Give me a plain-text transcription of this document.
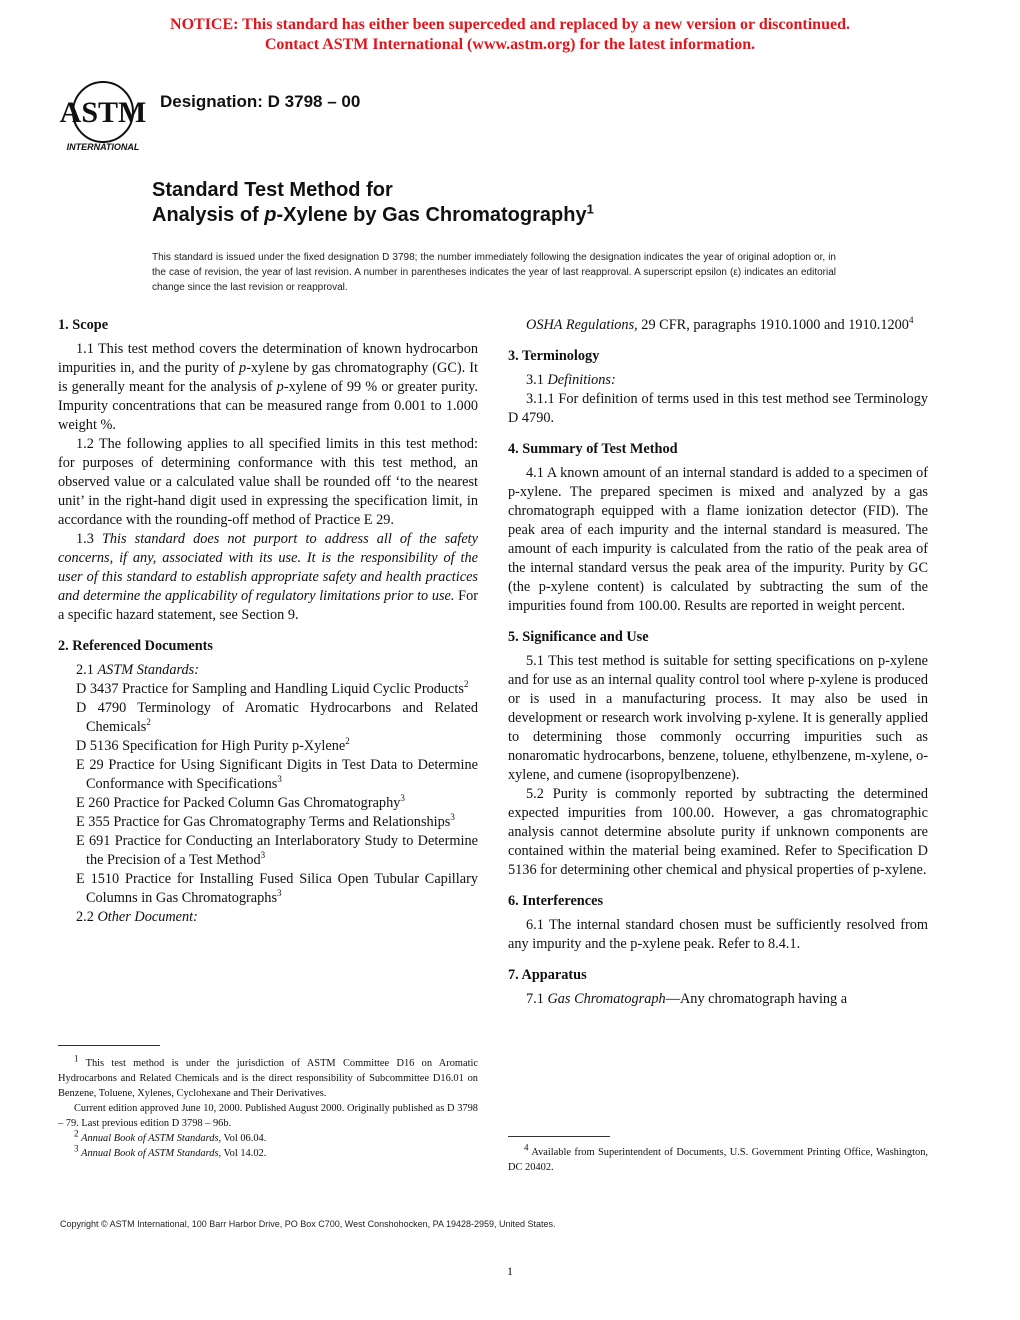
NOTICE: This standard has either been superceded and replaced by a new version or discontinued.
Contact ASTM International (www.astm.org) for the latest information.
ASTM
INTERNATIONAL
Designation: D 3798 – 00
Standard Test Method for
Analysis of p-Xylene by Gas Chromatography$^1$
This standard is issued under the fixed designation D 3798; the number immediately following the designation indicates the year of original adoption or, in the case of revision, the year of last revision. A number in parentheses indicates the year of last reapproval. A superscript epsilon (ε) indicates an editorial change since the last revision or reapproval.
1. Scope

1.1 This test method covers the determination of known hydrocarbon impurities in, and the purity of p-xylene by gas chromatography (GC). It is generally meant for the analysis of p-xylene of 99 % or greater purity. Impurity concentrations that can be measured range from 0.001 to 1.000 weight %.

1.2 The following applies to all specified limits in this test method: for purposes of determining conformance with this test method, an observed value or a calculated value shall be rounded off ‘to the nearest unit’ in the right-hand digit used in expressing the specification limit, in accordance with the rounding-off method of Practice E 29.

1.3 This standard does not purport to address all of the safety concerns, if any, associated with its use. It is the responsibility of the user of this standard to establish appropriate safety and health practices and determine the applicability of regulatory limitations prior to use. For a specific hazard statement, see Section 9.

2. Referenced Documents

2.1 ASTM Standards:

D 3437 Practice for Sampling and Handling Liquid Cyclic Products$^2$

D 4790 Terminology of Aromatic Hydrocarbons and Related Chemicals$^2$

D 5136 Specification for High Purity p-Xylene$^2$

E 29 Practice for Using Significant Digits in Test Data to Determine Conformance with Specifications$^3$

E 260 Practice for Packed Column Gas Chromatography$^3$

E 355 Practice for Gas Chromatography Terms and Relationships$^3$

E 691 Practice for Conducting an Interlaboratory Study to Determine the Precision of a Test Method$^3$

E 1510 Practice for Installing Fused Silica Open Tubular Capillary Columns in Gas Chromatographs$^3$

2.2 Other Document:

$^1$ This test method is under the jurisdiction of ASTM Committee D16 on Aromatic Hydrocarbons and Related Chemicals and is the direct responsibility of Subcommittee D16.01 on Benzene, Toluene, Xylenes, Cyclohexane and Their Derivatives.

Current edition approved June 10, 2000. Published August 2000. Originally published as D 3798 – 79. Last previous edition D 3798 – 96b.

$^2$ Annual Book of ASTM Standards, Vol 06.04.

$^3$ Annual Book of ASTM Standards, Vol 14.02.

OSHA Regulations, 29 CFR, paragraphs 1910.1000 and 1910.1200$^4$

3. Terminology

3.1 Definitions:

3.1.1 For definition of terms used in this test method see Terminology D 4790.

4. Summary of Test Method

4.1 A known amount of an internal standard is added to a specimen of p-xylene. The prepared specimen is mixed and analyzed by a gas chromatograph equipped with a flame ionization detector (FID). The peak area of each impurity and the internal standard is measured. The amount of each impurity is calculated from the ratio of the peak area of the internal standard versus the peak area of the impurity. Purity by GC (the p-xylene content) is calculated by subtracting the sum of the impurities found from 100.00. Results are reported in weight percent.

5. Significance and Use

5.1 This test method is suitable for setting specifications on p-xylene and for use as an internal quality control tool where p-xylene is produced or is used in a manufacturing process. It may also be used in development or research work involving p-xylene. It is generally applied to determining those commonly occurring impurities such as nonaromatic hydrocarbons, benzene, toluene, ethylbenzene, m-xylene, o-xylene, and cumene (isopropylbenzene).

5.2 Purity is commonly reported by subtracting the determined expected impurities from 100.00. However, a gas chromatographic analysis cannot determine absolute purity if unknown components are contained within the material being examined. Refer to Specification D 5136 for determining other chemical and physical properties of p-xylene.

6. Interferences

6.1 The internal standard chosen must be sufficiently resolved from any impurity and the p-xylene peak. Refer to 8.4.1.

7. Apparatus

7.1 Gas Chromatograph—Any chromatograph having a

$^4$ Available from Superintendent of Documents, U.S. Government Printing Office, Washington, DC 20402.

Copyright © ASTM International, 100 Barr Harbor Drive, PO Box C700, West Conshohocken, PA 19428-2959, United States.
1
